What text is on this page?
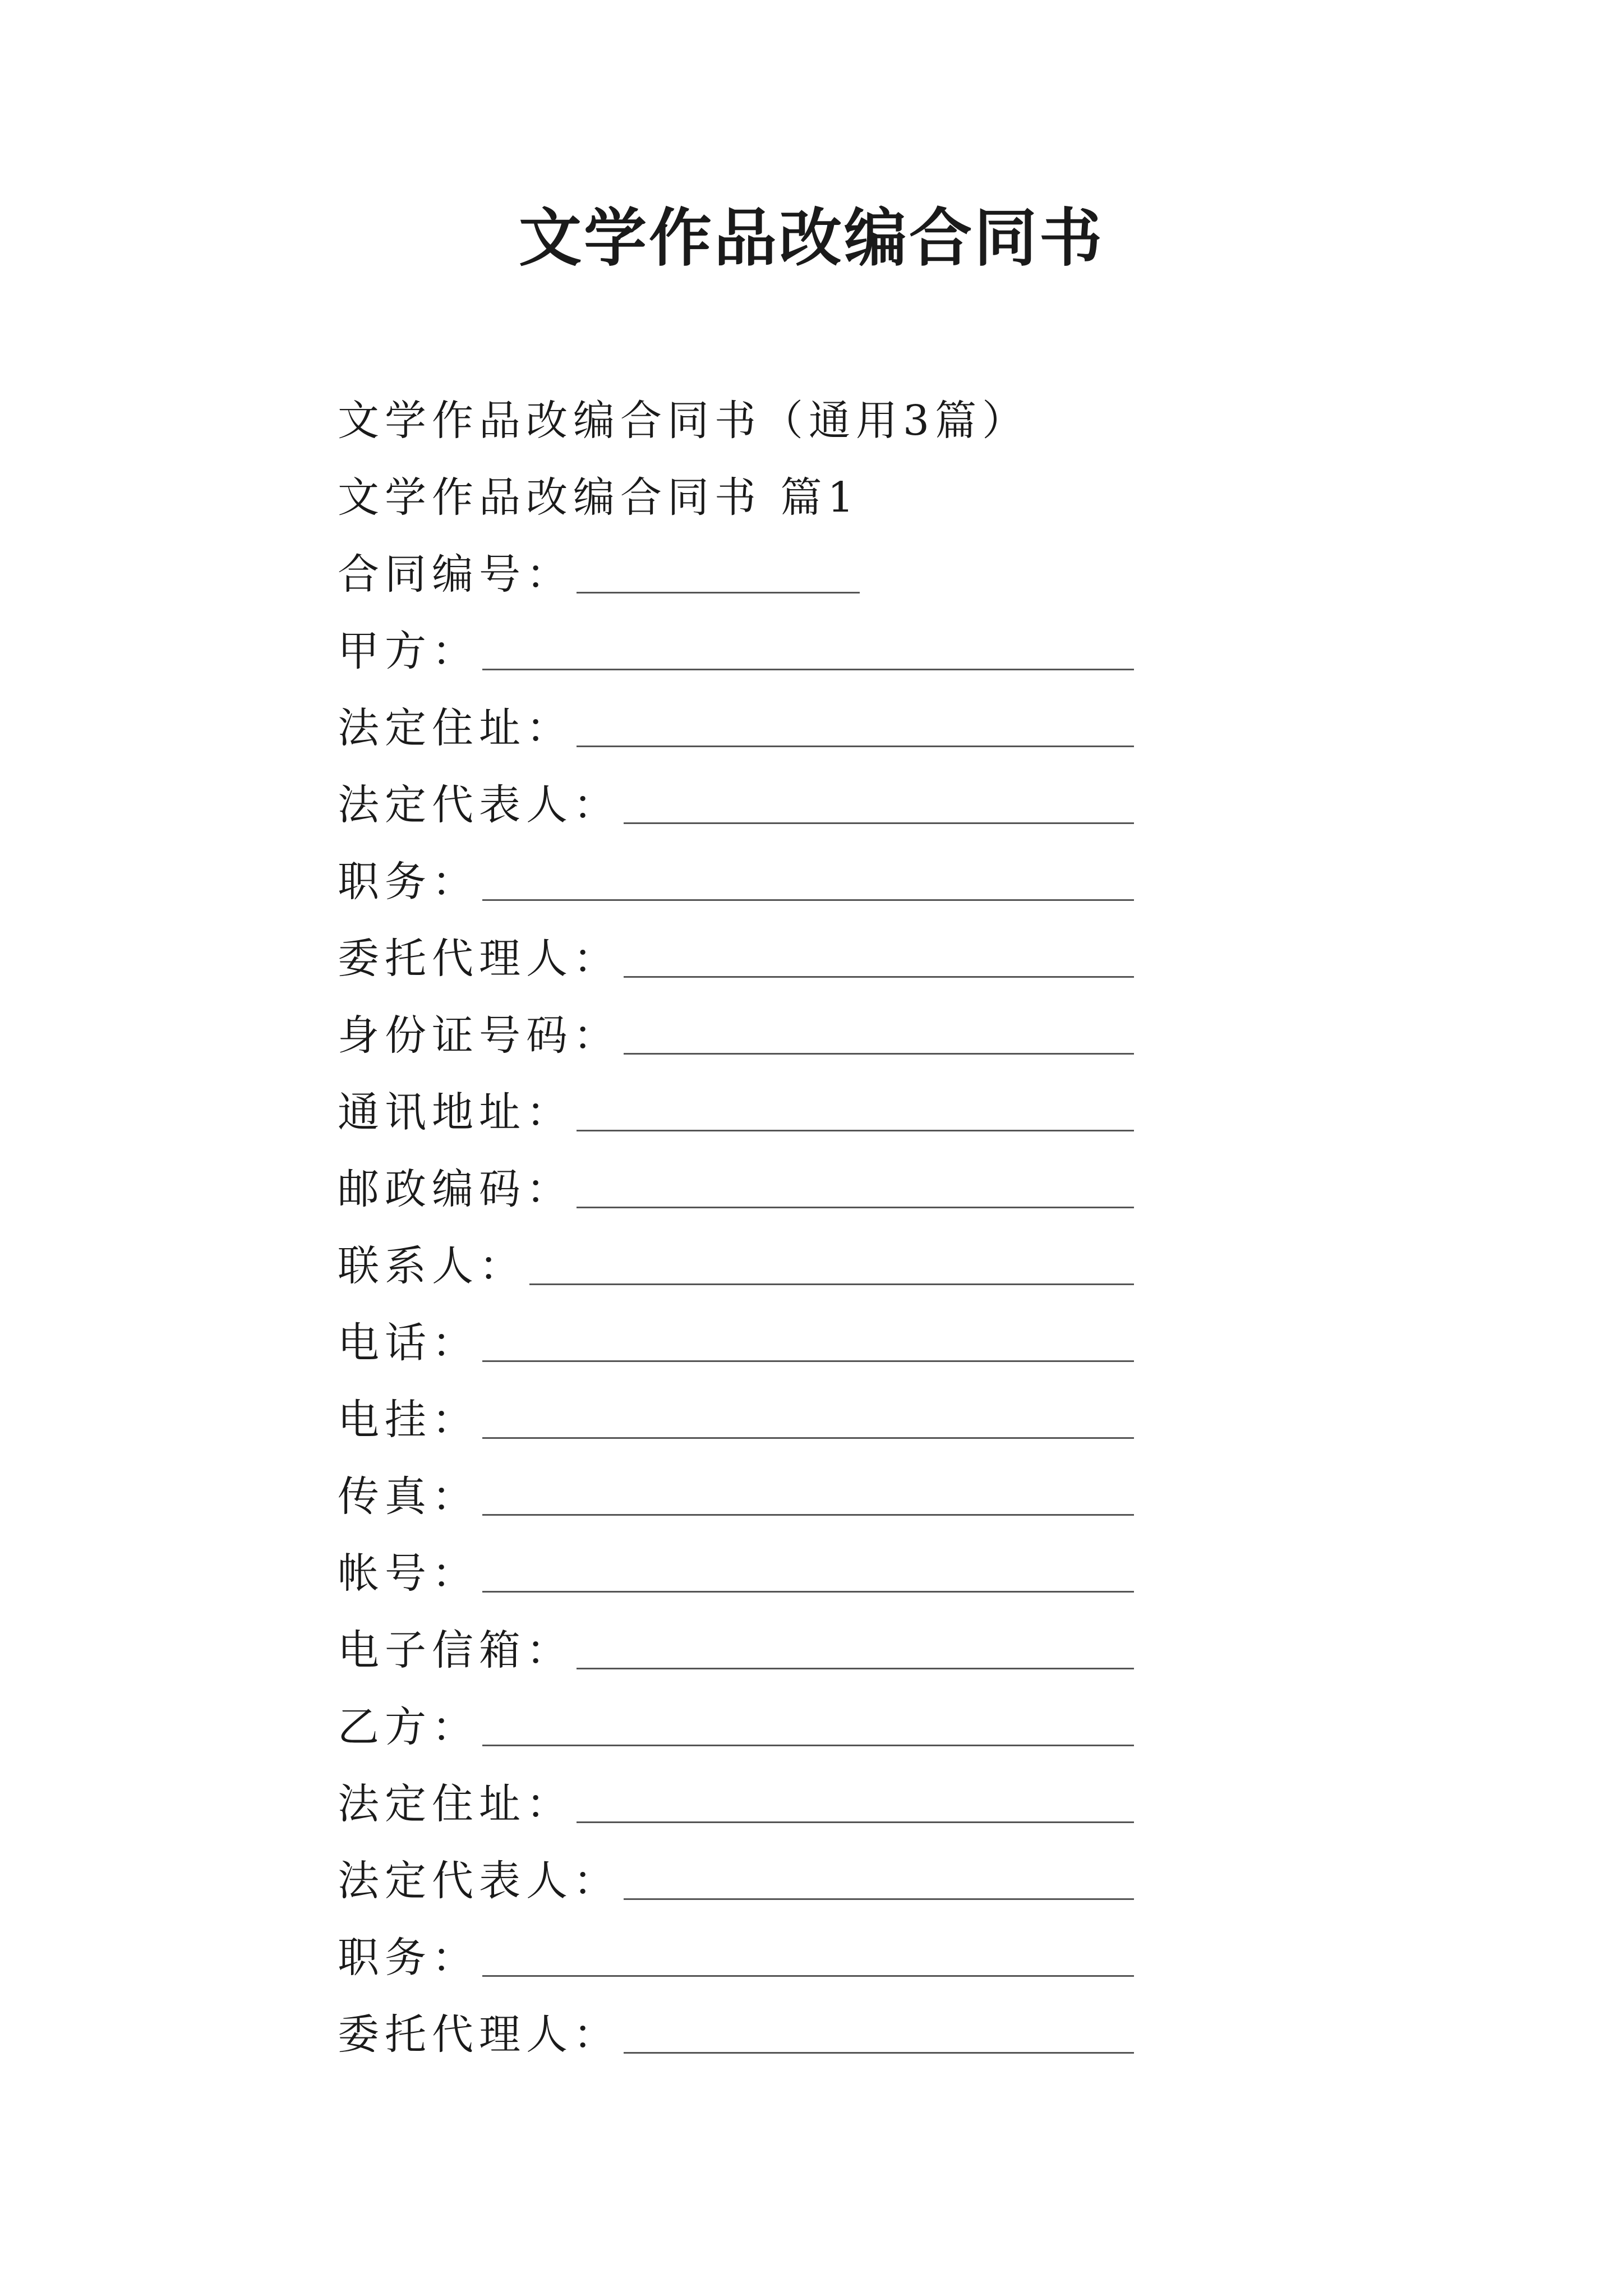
文学作品改编合同书
文学作品改编合同书（通用3篇）
文学作品改编合同书 篇1
合同编号：
甲方：
法定住址：
法定代表人：
职务：
委托代理人：
身份证号码：
通讯地址：
邮政编码：
联系人：
电话：
电挂：
传真：
帐号：
电子信箱：
乙方：
法定住址：
法定代表人：
职务：
委托代理人：
